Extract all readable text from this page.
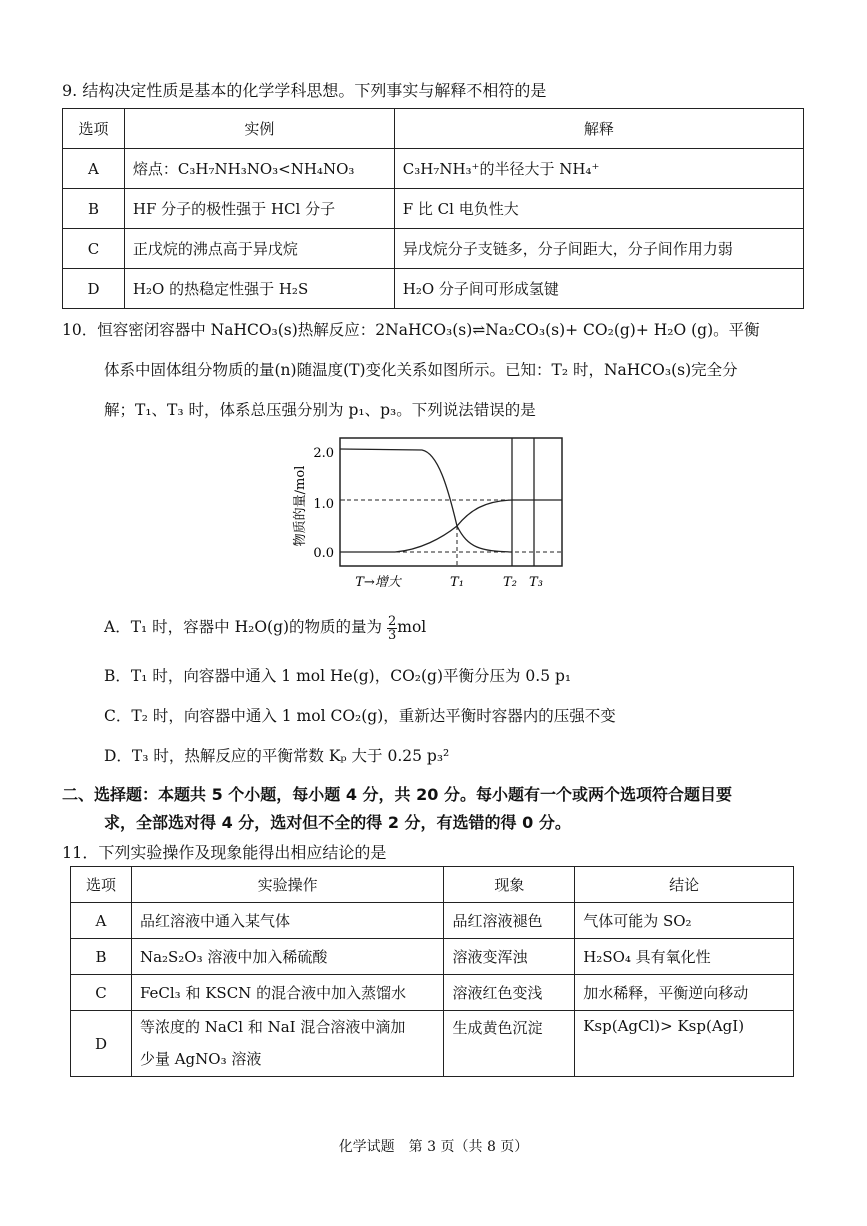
9. 结构决定性质是基本的化学学科思想。下列事实与解释不相符的是
选项	实例	解释
A	熔点：C₃H₇NH₃NO₃<NH₄NO₃	C₃H₇NH₃⁺的半径大于 NH₄⁺
B	HF 分子的极性强于 HCl 分子	F 比 Cl 电负性大
C	正戊烷的沸点高于异戊烷	异戊烷分子支链多，分子间距大，分子间作用力弱
D	H₂O 的热稳定性强于 H₂S	H₂O 分子间可形成氢键
10．恒容密闭容器中 NaHCO₃(s)热解反应：2NaHCO₃(s)⇌Na₂CO₃(s)+ CO₂(g)+ H₂O (g)。平衡
体系中固体组分物质的量(n)随温度(T)变化关系如图所示。已知：T₂ 时，NaHCO₃(s)完全分
解；T₁、T₃ 时，体系总压强分别为 p₁、p₃。下列说法错误的是
物质的量/mol
2.0
1.0
0.0
T→增大	T₁	T₂ T₃
A．T₁ 时，容器中 H₂O(g)的物质的量为 $\frac{2}{3}$ mol
B．T₁ 时，向容器中通入 1 mol He(g)，CO₂(g)平衡分压为 0.5 p₁
C．T₂ 时，向容器中通入 1 mol CO₂(g)，重新达平衡时容器内的压强不变
D．T₃ 时，热解反应的平衡常数 Kₚ 大于 0.25 p₃²
二、选择题：本题共 5 个小题，每小题 4 分，共 20 分。每小题有一个或两个选项符合题目要
求，全部选对得 4 分，选对但不全的得 2 分，有选错的得 0 分。
11．下列实验操作及现象能得出相应结论的是
选项	实验操作	现象	结论
A	品红溶液中通入某气体	品红溶液褪色	气体可能为 SO₂
B	Na₂S₂O₃ 溶液中加入稀硫酸	溶液变浑浊	H₂SO₄ 具有氧化性
C	FeCl₃ 和 KSCN 的混合液中加入蒸馏水	溶液红色变浅	加水稀释，平衡逆向移动
D	等浓度的 NaCl 和 NaI 混合溶液中滴加
少量 AgNO₃ 溶液	生成黄色沉淀	Ksp(AgCl)> Ksp(AgI)
化学试题　第 3 页（共 8 页）
